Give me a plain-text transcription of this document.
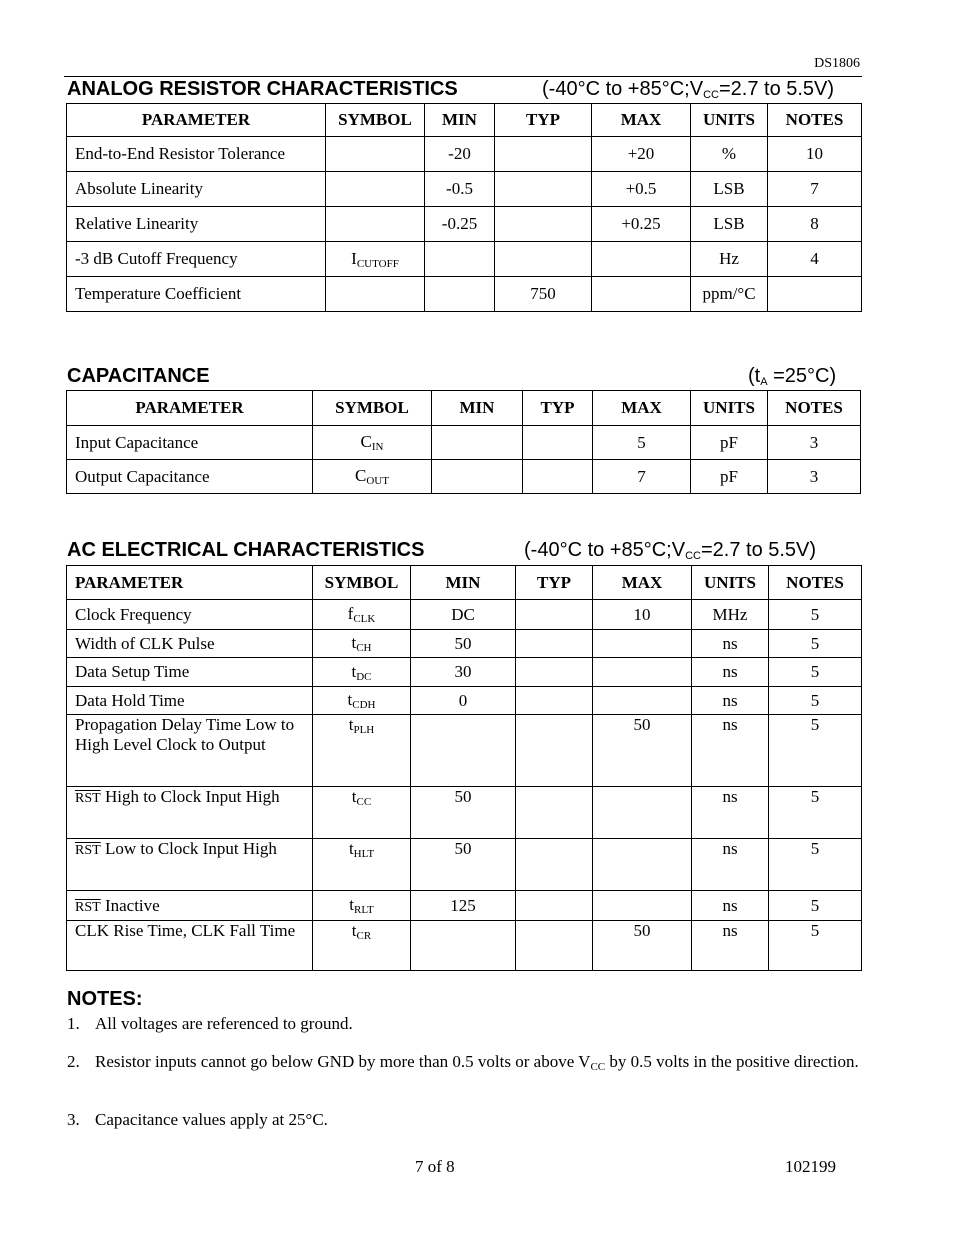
DS1806
ANALOG RESISTOR CHARACTERISTICS	(-40°C to $+85^\circ C;V_{CC}=2.7$ to 5.5V)
PARAMETER	SYMBOL	MIN	TYP	MAX	UNITS	NOTES
End-to-End Resistor Tolerance		-20		+20	%	10
Absolute Linearity		-0.5		+0.5	LSB	7
Relative Linearity		-0.25		+0.25	LSB	8
-3 dB Cutoff Frequency	$I_{CUTOFF}$				Hz	4
Temperature Coefficient			750		ppm/°C	
CAPACITANCE	$(t_A =25^\circ C)$
PARAMETER	SYMBOL	MIN	TYP	MAX	UNITS	NOTES
Input Capacitance	$C_{IN}$			5	pF	3
Output Capacitance	$C_{OUT}$			7	pF	3
AC ELECTRICAL CHARACTERISTICS	(-40°C to $+85^\circ C;V_{CC}=2.7$ to 5.5V)
PARAMETER	SYMBOL	MIN	TYP	MAX	UNITS	NOTES
Clock Frequency	$f_{CLK}$	DC		10	MHz	5
Width of CLK Pulse	$t_{CH}$	50			ns	5
Data Setup Time	$t_{DC}$	30			ns	5
Data Hold Time	$t_{CDH}$	0			ns	5
Propagation Delay Time Low to High Level Clock to Output	$t_{PLH}$			50	ns	5
$\overline{RST}$ High to Clock Input High	$t_{CC}$	50			ns	5
$\overline{RST}$ Low to Clock Input High	$t_{HLT}$	50			ns	5
$\overline{RST}$ Inactive	$t_{RLT}$	125			ns	5
CLK Rise Time, CLK Fall Time	$t_{CR}$			50	ns	5
NOTES:
1. All voltages are referenced to ground.
2. Resistor inputs cannot go below GND by more than 0.5 volts or above $V_{CC}$ by 0.5 volts in the positive direction.
3. Capacitance values apply at 25°C.
7 of 8	102199
